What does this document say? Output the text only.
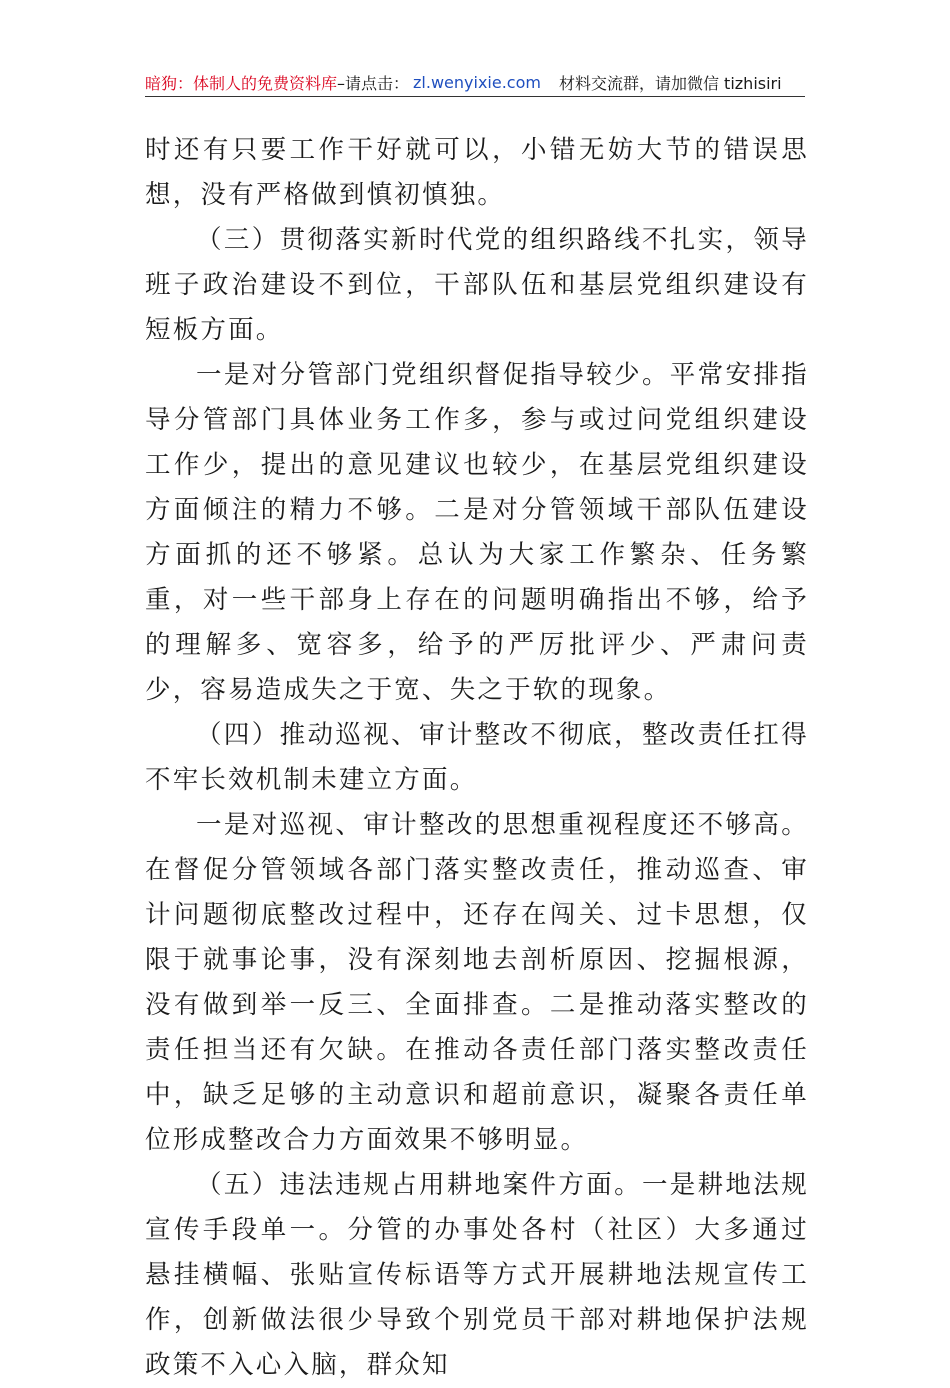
暗狗：体制人的免费资料库 –请点击： zl.wenyixie.com 材料交流群，请加微信 tizhisiri

时还有只要工作干好就可以，小错无妨大节的错误思想，没有严格做到慎初慎独。

（三）贯彻落实新时代党的组织路线不扎实，领导班子政治建设不到位，干部队伍和基层党组织建设有短板方面。

一是对分管部门党组织督促指导较少。平常安排指导分管部门具体业务工作多，参与或过问党组织建设工作少，提出的意见建议也较少，在基层党组织建设方面倾注的精力不够。二是对分管领域干部队伍建设方面抓的还不够紧。总认为大家工作繁杂、任务繁重，对一些干部身上存在的问题明确指出不够，给予的理解多、宽容多，给予的严厉批评少、严肃问责少，容易造成失之于宽、失之于软的现象。

（四）推动巡视、审计整改不彻底，整改责任扛得不牢长效机制未建立方面。

一是对巡视、审计整改的思想重视程度还不够高。在督促分管领域各部门落实整改责任，推动巡查、审计问题彻底整改过程中，还存在闯关、过卡思想，仅限于就事论事，没有深刻地去剖析原因、挖掘根源，没有做到举一反三、全面排查。二是推动落实整改的责任担当还有欠缺。在推动各责任部门落实整改责任中，缺乏足够的主动意识和超前意识，凝聚各责任单位形成整改合力方面效果不够明显。

（五）违法违规占用耕地案件方面。一是耕地法规宣传手段单一。分管的办事处各村（社区）大多通过悬挂横幅、张贴宣传标语等方式开展耕地法规宣传工作，创新做法很少导致个别党员干部对耕地保护法规政策不入心入脑，群众知
